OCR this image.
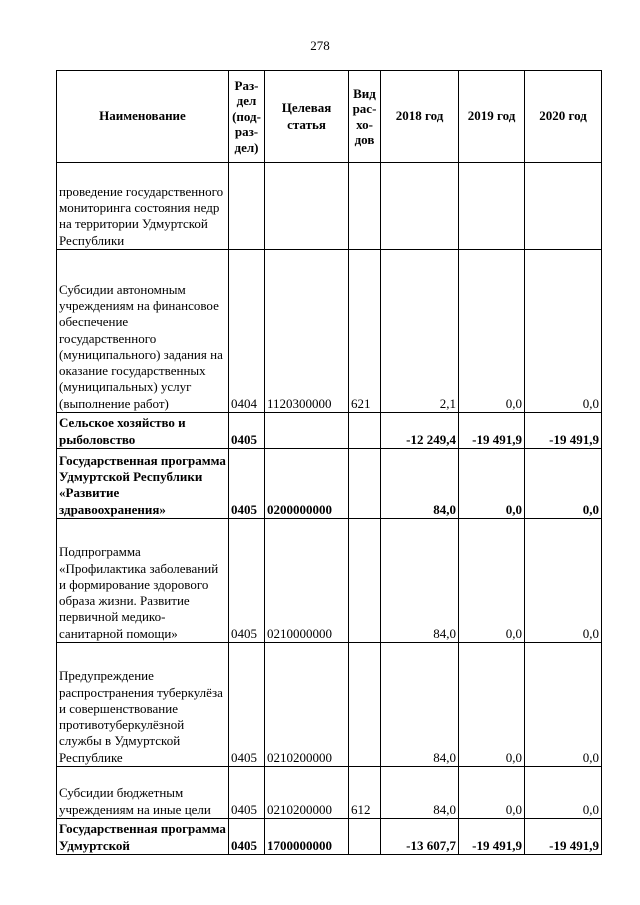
278
Наименование	Раз-
дел
(под-
раз-
дел)	Целевая
статья	Вид
рас-
хо-
дов	2018 год	2019 год	2020 год
проведение государственного мониторинга состояния недр на территории Удмуртской Республики						
Субсидии автономным учреждениям на финансовое обеспечение государственного (муниципального) задания на оказание государственных (муниципальных) услуг (выполнение работ)	0404	1120300000	621	2,1	0,0	0,0
Сельское хозяйство и рыболовство	0405			-12 249,4	-19 491,9	-19 491,9
Государственная программа Удмуртской Республики «Развитие здравоохранения»	0405	0200000000		84,0	0,0	0,0
Подпрограмма «Профилактика заболеваний и формирование здорового образа жизни. Развитие первичной медико-санитарной помощи»	0405	0210000000		84,0	0,0	0,0
Предупреждение распространения туберкулёза и совершенствование противотуберкулёзной службы в Удмуртской Республике	0405	0210200000		84,0	0,0	0,0
Субсидии бюджетным учреждениям на иные цели	0405	0210200000	612	84,0	0,0	0,0
Государственная программа Удмуртской	0405	1700000000		-13 607,7	-19 491,9	-19 491,9
